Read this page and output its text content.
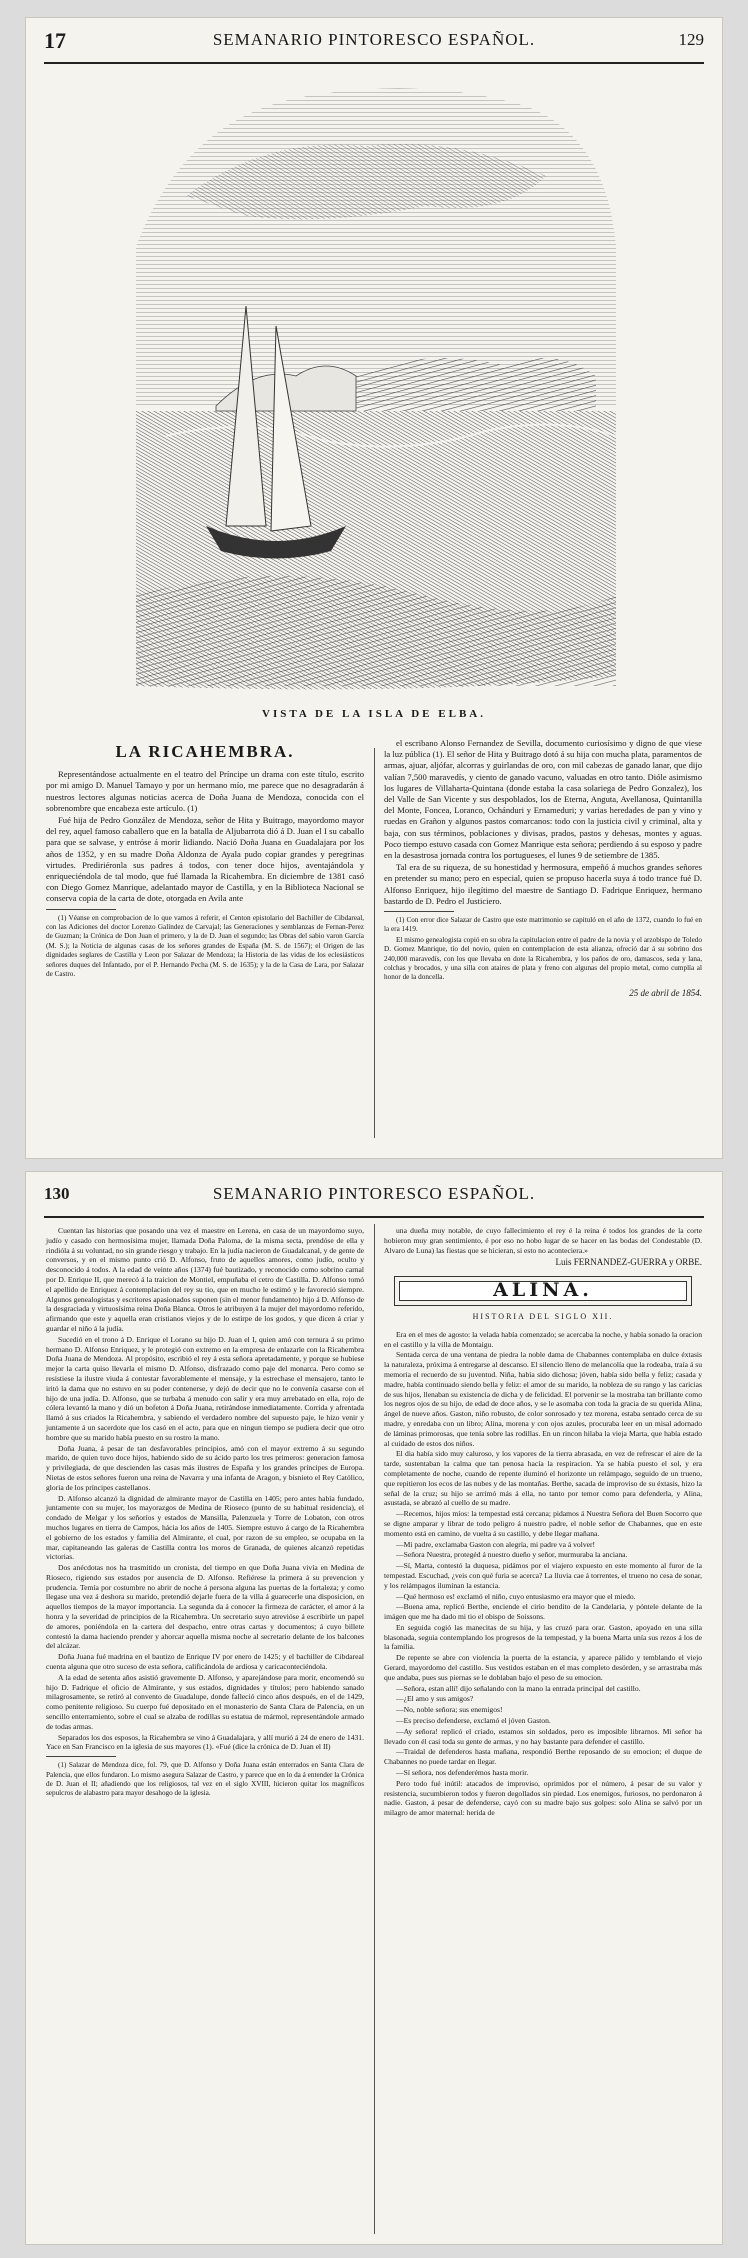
17	SEMANARIO PINTORESCO ESPAÑOL.	129
VISTA DE LA ISLA DE ELBA.
LA RICAHEMBRA.

Representándose actualmente en el teatro del Príncipe un drama con este título, escrito por mi amigo D. Manuel Tamayo y por un hermano mío, me parece que no desagradarán á nuestros lectores algunas noticias acerca de Doña Juana de Mendoza, conocida con el sobrenombre que encabeza este artículo. (1)

Fué hija de Pedro González de Mendoza, señor de Hita y Buitrago, mayordomo mayor del rey, aquel famoso caballero que en la batalla de Aljubarrota dió á D. Juan el I su caballo para que se salvase, y entróse á morir lidiando. Nació Doña Juana en Guadalajara por los años de 1352, y en su madre Doña Aldonza de Ayala pudo copiar grandes y peregrinas virtudes. Prediriéronla sus padres á todos, con tener doce hijos, aventajándola y enriqueciéndola de tal modo, que fué llamada la Ricahembra. En diciembre de 1381 casó con Diego Gomez Manrique, adelantado mayor de Castilla, y en la Biblioteca Nacional se conserva copia de la carta de dote, otorgada en Avila ante

(1) Véanse en comprobacion de lo que vamos á referir, el Centon epistolario del Bachiller de Cibdareal, con las Adiciones del doctor Lorenzo Galíndez de Carvajal; las Generaciones y semblanzas de Fernan-Perez de Guzman; la Crónica de Don Juan el primero, y la de D. Juan el segundo; las Obras del sabio varon García (M. S.); la Noticia de algunas casas de los señores grandes de España (M. S. de 1567); el Origen de las dignidades seglares de Castilla y Leon por Salazar de Mendoza; la Historia de las vidas de los eclesiásticos señores duques del Infantado, por el P. Hernando Pecha (M. S. de 1635); y la de la Casa de Lara, por Salazar de Castro.

el escribano Alonso Fernandez de Sevilla, documento curiosísimo y digno de que viese la luz pública (1). El señor de Hita y Buitrago dotó á su hija con mucha plata, paramentos de armas, ajuar, aljófar, alcorras y guirlandas de oro, con mil cabezas de ganado lanar, que dijo valían 7,500 maravedís, y ciento de ganado vacuno, valuadas en otro tanto. Dióle asimismo los lugares de Villaharta-Quintana (donde estaba la casa solariega de Pedro Gonzalez), los del Valle de San Vicente y sus despoblados, los de Eterna, Anguta, Avellanosa, Quintanilla del Monte, Fonceа, Loranco, Ochánduri y Ernameduri; y varias heredades de pan y vino y ruedas en Grañon y algunos pastos comarcanos: todo con la justicia civil y criminal, alta y baja, con sus términos, poblaciones y divisas, prados, pastos y dehesas, montes y aguas. Poco tiempo estuvo casada con Gomez Manrique esta señora; perdiendo á su esposo y padre en la desastrosa jornada contra los portugueses, el lunes 9 de setiembre de 1385.

Tal era de su riqueza, de su honestidad y hermosura, empeñó á muchos grandes señores en pretender su mano; pero en especial, quien se propuso hacerla suya á todo trance fué D. Alfonso Enriquez, hijo ilegítimo del maestre de Santiago D. Fadrique Enriquez, hermano bastardo de D. Pedro el Justiciero.

(1) Con error dice Salazar de Castro que este matrimonio se capituló en el año de 1372, cuando lo fué en la era 1419.

El mismo genealogista copió en su obra la capitulacion entre el padre de la novia y el arzobispo de Toledo D. Gomez Manrique, tío del novio, quien en contemplacion de esta alianza, ofreció dar á su sobrino dos 240,000 maravedís, con los que llevaba en dote la Ricahembra, y los paños de oro, damascos, seda y lana, colchas y brocados, y una silla con ataires de plata y freno con algunas del propio metal, como cumplía al honor de la doncella.

25 de abril de 1854.
130	SEMANARIO PINTORESCO ESPAÑOL.

Cuentan las historias que posando una vez el maestre en Lerena, en casa de un mayordomo suyo, judío y casado con hermosísima mujer, llamada Doña Paloma, de la misma secta, prendóse de ella y rindióla á su voluntad, no sin grande riesgo y trabajo. En la judía nacieron de Guadalcanal, y de gente de conversos, y en el mismo punto crió D. Alfonso, fruto de aquellos amores, como judío, oculto y desconocido á todos. A la edad de veinte años (1374) fué bautizado, y reconocido como sobrino carnal por D. Enrique II, que merecó á la traicion de Montiel, empuñaba el cetro de Castilla. D. Alfonso tomó el apellido de Enriquez á contemplacion del rey su tio, que en mucho le estimó y le favoreció siempre. Algunos genealogistas y escritores apasionados suponen (sin el menor fundamento) hijo á D. Alfonso de la desgraciada y virtuosísima reina Doña Blanca. Otros le atribuyen á la mujer del mayordomo referido, afirmando que este y aquella eran cristianos viejos y de lo estirpe de los godos, y que dicen á criar y guardar el niño á la judía.

Sucedió en el trono á D. Enrique el Lorano su hijo D. Juan el I, quien amó con ternura á su primo hermano D. Alfonso Enriquez, y le protegió con extremo en la empresa de enlazarle con la Ricahembra Doña Juana de Mendoza. Al propósito, escribió el rey á esta señora apretadamente, y porque se hubiese mejor la carta quiso llevarla el mismo D. Alfonso, disfrazado como paje del monarca. Pero como se resistiese la ilustre viuda á contestar favorablemente el mensaje, y la estrechase el mensajero, tanto le iritó la dama que no estuvo en su poder contenerse, y dejó de decir que no le convenía casarse con el hijo de una judía. D. Alfonso, que se turbaba á menudo con salir y era muy arrebatado en ella, rojo de cólera levantó la mano y dió un bofeton á Doña Juana, retirándose inmediatamente. Corrida y afrentada llamó á sus criados la Ricahembra, y sabiendo el verdadero nombre del supuesto paje, le hizo venir y juntamente á un sacerdote que los casó en el acto, para que en ningun tiempo se pudiera decir que otro hombre que su marido había puesto en su rostro la mano.

Doña Juana, á pesar de tan desfavorables principios, amó con el mayor extremo á su segundo marido, de quien tuvo doce hijos, habiendo sido de su ácido parto los tres primeros: generacion famosa y privilegiada, de que descienden las casas más ilustres de España y los grandes príncipes de Europa. Nietas de estos señores fueron una reina de Navarra y una infanta de Aragon, y bisnieto el Rey Católico, gloria de los príncipes castellanos.

D. Alfonso alcanzó la dignidad de almirante mayor de Castilla en 1405; pero antes había fundado, juntamente con su mujer, los mayorazgos de Medina de Rioseco (punto de su habitual residencia), el condado de Melgar y los señoríos y estados de Mansilla, Palenzuela y Torre de Lobaton, con otros muchos lugares en tierra de Campos, hácia los años de 1405. Siempre estuvo á cargo de la Ricahembra el gobierno de los estados y familia del Almirante, el cual, por razon de su empleo, se ocupaba en la mar, capitaneando las galeras de Castilla contra los moros de Granada, de quienes alcanzó repetidas victorias.

Dos anécdotas nos ha trasmitido un cronista, del tiempo en que Doña Juana vivía en Medina de Rioseco, rigiendo sus estados por ausencia de D. Alfonso. Refiérese la primera á su prevencion y prudencia. Temía por costumbre no abrir de noche á persona alguna las puertas de la fortaleza; y como llegase una vez á deshora su marido, pretendió dejarle fuera de la villa á guarecerle una disposicion, en aquellos tiempos de la mayor importancia. La segunda da á conocer la firmeza de carácter, el amor á la honra y la severidad de principios de la Ricahembra. Un secretario suyo atrevióse á escribirle un papel de amores, poniéndola en la cartera del despacho, entre otras cartas y documentos; á cuyo billete contestó la dama haciendo prender y ahorcar aquella misma noche al secretario delante de los balcones del alcázar.

Doña Juana fué madrina en el bautizo de Enrique IV por enero de 1425; y el bachiller de Cibdareal cuenta alguna que otro suceso de esta señora, calificándola de ardiosa y caricaconteciéndola.

A la edad de setenta años asistió gravemente D. Alfonso, y aparejándose para morir, encomendó su hijo D. Fadrique el oficio de Almirante, y sus estados, dignidades y títulos; pero habiendo sanado milagrosamente, se retiró al convento de Guadalupe, donde falleció cinco años después, en el de 1429, como penitente religioso. Su cuerpo fué depositado en el monasterio de Santa Clara de Palencia, en un sencillo enterramiento, sobre el cual se alzaba de rodillas su estatua de mármol, representándole armado de todas armas.

Separados los dos esposos, la Ricahembra se vino á Guadalajara, y allí murió á 24 de enero de 1431. Yace en San Francisco en la iglesia de sus mayores (1). «Fué (dice la crónica de D. Juan el II)

(1) Salazar de Mendoza dice, fol. 79, que D. Alfonso y Doña Juana están enterrados en Santa Clara de Palencia, que ellos fundaron. Lo mismo asegura Salazar de Castro, y parece que en lo da á entender la Crónica de D. Juan el II; añadiendo que los religiosos, tal vez en el siglo XVIII, hicieron quitar los magníficos sepulcros de alabastro para mayor desahogo de la iglesia.

una dueña muy notable, de cuyo fallecimiento el rey é la reina é todos los grandes de la corte hobieron muy gran sentimiento, é por eso no hobo lugar de se hacer en las bodas del Condestable (D. Alvaro de Luna) las fiestas que se hicieran, si esto no aconteciera.»

Luis FERNANDEZ-GUERRA y ORBE.
ALINA.
HISTORIA DEL SIGLO XII.

Era en el mes de agosto: la velada había comenzado; se acercaba la noche, y había sonado la oracion en el castillo y la villa de Montaigu.

Sentada cerca de una ventana de piedra la noble dama de Chabannes contemplaba en dulce éxtasis la naturaleza, próxima á entregarse al descanso. El silencio lleno de melancolía que la rodeaba, traía á su memoria el recuerdo de su juventud. Niña, había sido dichosa; jóven, había sido bella y feliz; casada y madre, había continuado siendo bella y feliz: el amor de su marido, la nobleza de su rango y las caricias de sus hijos, llenaban su existencia de dicha y de felicidad. El porvenir se la mostraba tan brillante como los negros ojos de su hijo, de edad de doce años, y se le asomaba con toda la gracia de su querida Alina, ángel de nueve años. Gaston, niño robusto, de color sonrosado y tez morena, estaba sentado cerca de su madre, y enredaba con un libro; Alina, morena y con ojos azules, procuraba leer en un misal adornado de láminas primorosas, que tenía sobre las rodillas. En un rincon hilaba la vieja Marta, que había estado al cuidado de estos dos niños.

El dia había sido muy caluroso, y los vapores de la tierra abrasada, en vez de refrescar el aire de la tarde, sustentaban la calma que tan penosa hacía la respiracion. Ya se había puesto el sol, y era completamente de noche, cuando de repente iluminó el horizonte un relámpago, seguido de un trueno, que repitieron los ecos de las nubes y de las montañas. Berthe, sacada de improviso de su éxtasis, hizo la señal de la cruz; su hijo se arrimó más á ella, no tanto por temor como para defenderla, y Alina, asustada, se abrazó al cuello de su madre.

—Recemos, hijos míos: la tempestad está cercana; pidamos á Nuestra Señora del Buen Socorro que se digne amparar y librar de todo peligro á nuestro padre, el noble señor de Chabannes, que en este momento está en camino, de vuelta á su castillo, y debe llegar mañana.

—Mi padre, exclamaba Gaston con alegría, mi padre va á volver!

—Señora Nuestra, protegéd á nuestro dueño y señor, murmuraba la anciana.

—Sí, Marta, contestó la duquesa, pidámos por el viajero expuesto en este momento al furor de la tempestad. Escuchad, ¿veis con qué furia se acerca? La lluvia cae á torrentes, el trueno no cesa de sonar, y los relámpagos iluminan la estancia.

—Qué hermoso es! exclamó el niño, cuyo entusiasmo era mayor que el miedo.

—Buena ama, replicó Berthe, enciende el cirio bendito de la Candelaria, y póntele delante de la imágen que me ha dado mi tio el obispo de Soissons.

En seguida cogió las manecitas de su hija, y las cruzó para orar. Gaston, apoyado en una silla blasonada, seguia contemplando los progresos de la tempestad, y la buena Marta unía sus rezos á los de la familia.

De repente se abre con violencia la puerta de la estancia, y aparece pálido y temblando el viejo Gerard, mayordomo del castillo. Sus vestidos estaban en el mas completo desórden, y se arrastraba más que andaba, pues sus piernas se le doblaban bajo el peso de su emocion.

—Señora, estan allí! dijo señalando con la mano la entrada principal del castillo.

—¿El amo y sus amigos?

—No, noble señora; sus enemigos!

—Es preciso defenderse, exclamó el jóven Gaston.

—Ay señora! replicó el criado, estamos sin soldados, pero es imposible librarnos. Mi señor ha llevado con él casi toda su gente de armas, y no hay bastante para defender el castillo.

—Traidal de defenderos hasta mañana, respondió Berthe reposando de su emocion; el duque de Chabannes no puede tardar en llegar.

—Sí señora, nos defenderémos hasta morir.

Pero todo fué inútil: atacados de improviso, oprimidos por el número, á pesar de su valor y resistencia, sucumbieron todos y fueron degollados sin piedad. Los enemigos, furiosos, no perdonaron á nadie. Gaston, á pesar de defenderse, cayó con su madre bajo sus golpes: solo Alina se salvó por un milagro de amor maternal: herida de
